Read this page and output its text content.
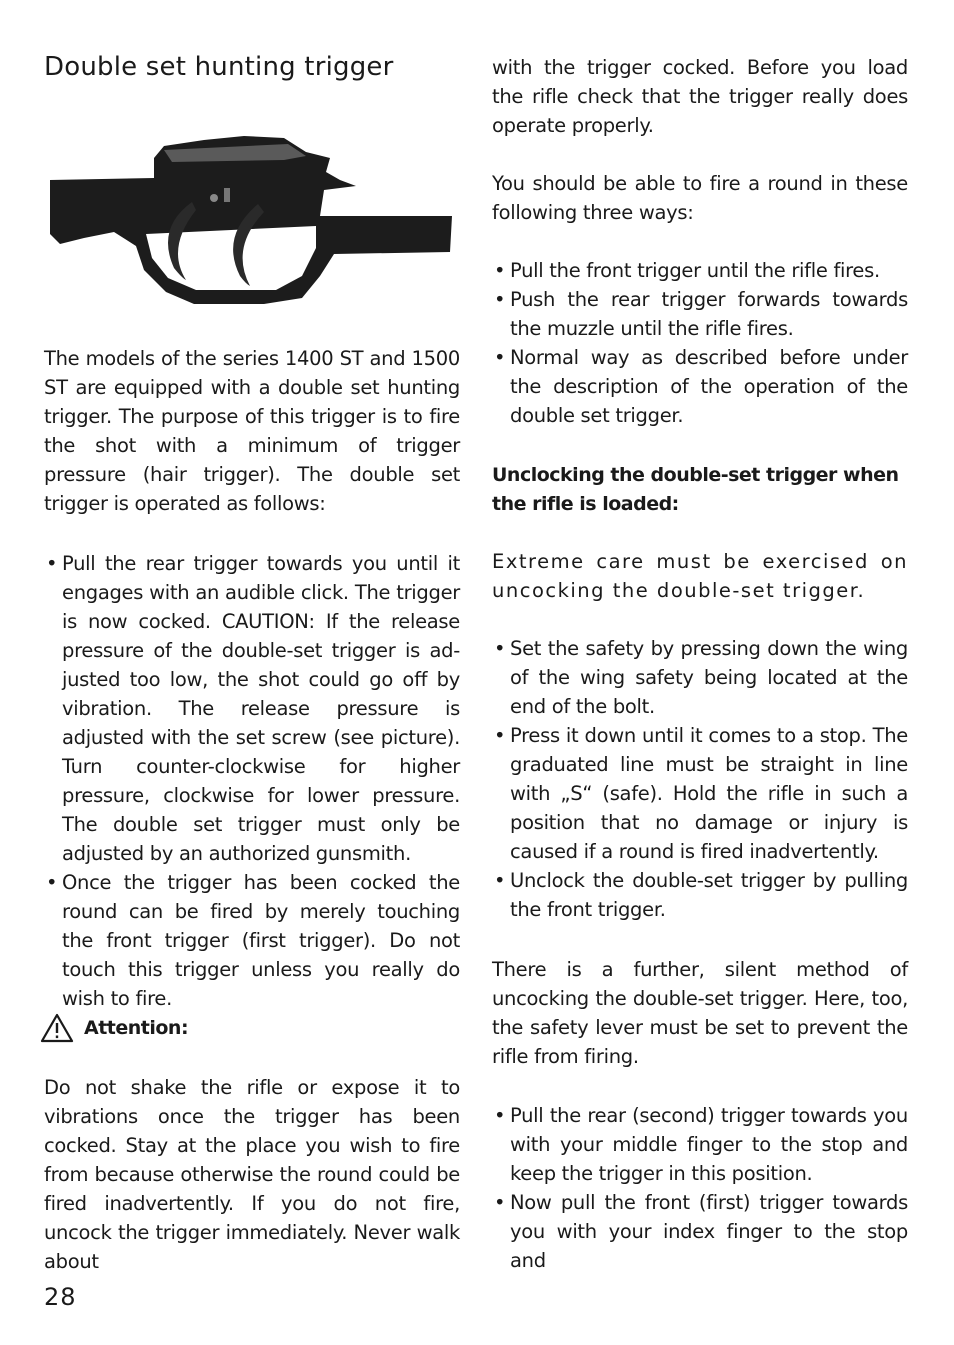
Double set hunting trigger

The models of the series 1400 ST and 1500 ST are equipped with a double set hunting trigger. The purpose of this trigger is to fire the shot with a minimum of trigger pressure (hair trigger). The double set trigger is operated as follows:

• Pull the rear trigger towards you until it engages with an audible click. The trigger is now cocked. CAUTION: If the release pressure of the double-set trigger is ad-justed too low, the shot could go off by vibration. The release pressure is adjusted with the set screw (see picture). Turn counter-clockwise for higher pressure, clockwise for lower pressure. The double set trigger must only be adjusted by an authorized gunsmith.
• Once the trigger has been cocked the round can be fired by merely touching the front trigger (first trigger). Do not touch this trigger unless you really do wish to fire.
Attention:

Do not shake the rifle or expose it to vibrations once the trigger has been cocked. Stay at the place you wish to fire from because otherwise the round could be fired inadvertently. If you do not fire, uncock the trigger immediately. Never walk about

with the trigger cocked. Before you load the rifle check that the trigger really does operate properly.

You should be able to fire a round in these following three ways:

• Pull the front trigger until the rifle fires.
• Push the rear trigger forwards towards the muzzle until the rifle fires.
• Normal way as described before under the description of the operation of the double set trigger.

Unclocking the double-set trigger when the rifle is loaded:

Extreme care must be exercised on uncocking the double-set trigger.

• Set the safety by pressing down the wing of the wing safety being located at the end of the bolt.
• Press it down until it comes to a stop. The graduated line must be straight in line with „S“ (safe). Hold the rifle in such a position that no damage or injury is caused if a round is fired inadvertently.
• Unclock the double-set trigger by pulling the front trigger.

There is a further, silent method of uncocking the double-set trigger. Here, too, the safety lever must be set to prevent the rifle from firing.

• Pull the rear (second) trigger towards you with your middle finger to the stop and keep the trigger in this position.
• Now pull the front (first) trigger towards you with your index finger to the stop and
28
